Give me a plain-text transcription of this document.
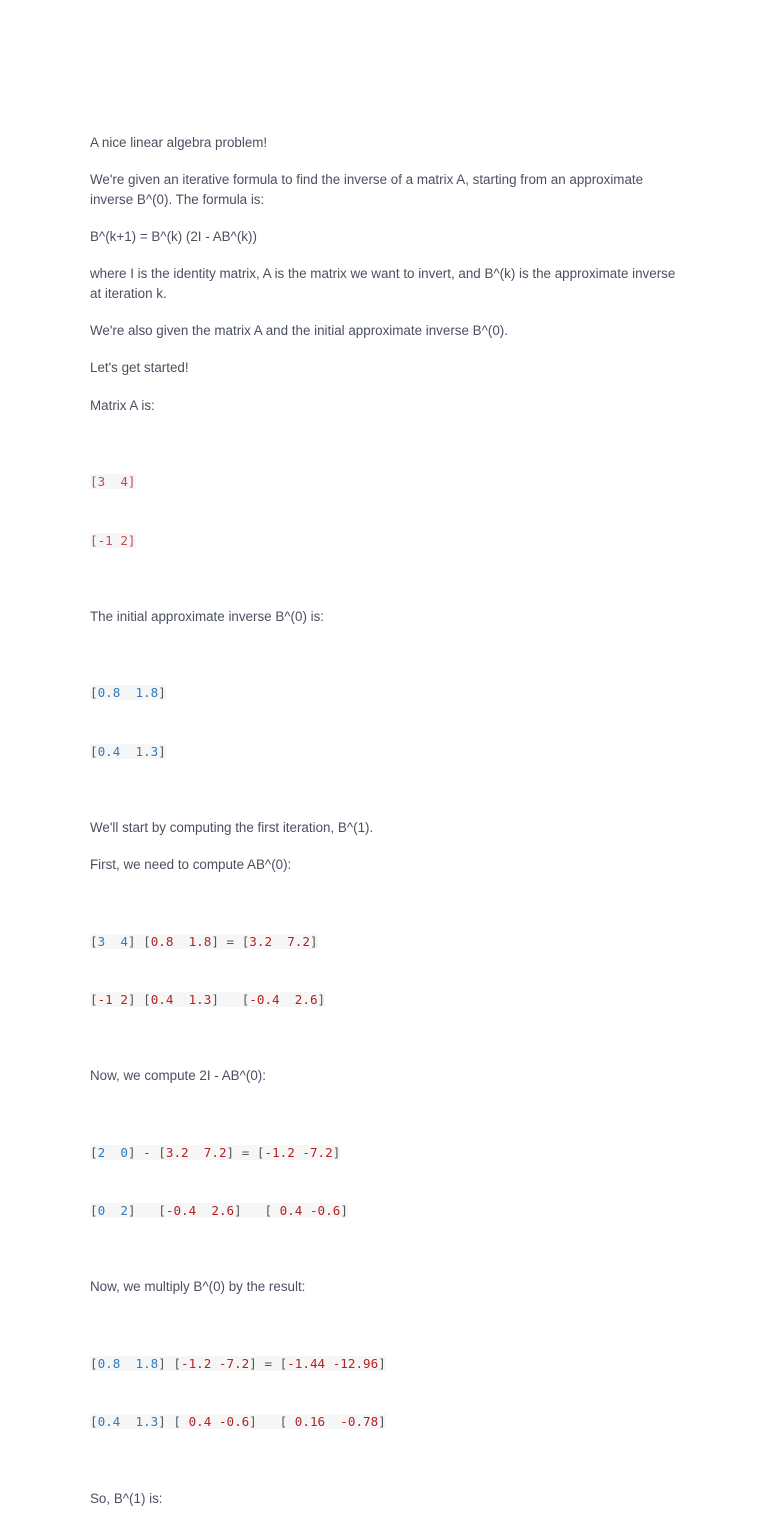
A nice linear algebra problem!

We're given an iterative formula to find the inverse of a matrix A, starting from an approximate inverse B^(0). The formula is:

B^(k+1) = B^(k) (2I - AB^(k))

where I is the identity matrix, A is the matrix we want to invert, and B^(k) is the approximate inverse at iteration k.

We're also given the matrix A and the initial approximate inverse B^(0).

Let's get started!

Matrix A is:

[3  4]

[-1 2]

The initial approximate inverse B^(0) is:

[0.8  1.8]

[0.4  1.3]

We'll start by computing the first iteration, B^(1).

First, we need to compute AB^(0):

[3  4] [0.8  1.8] = [3.2  7.2]

[-1 2] [0.4  1.3] [-0.4  2.6]

Now, we compute 2I - AB^(0):

[2  0] - [3.2  7.2] = [-1.2 -7.2]

[0  2] [-0.4  2.6] [ 0.4 -0.6]

Now, we multiply B^(0) by the result:

[0.8  1.8] [-1.2 -7.2] = [-1.44 -12.96]

[0.4  1.3] [ 0.4 -0.6] [ 0.16  -0.78]

So, B^(1) is:
